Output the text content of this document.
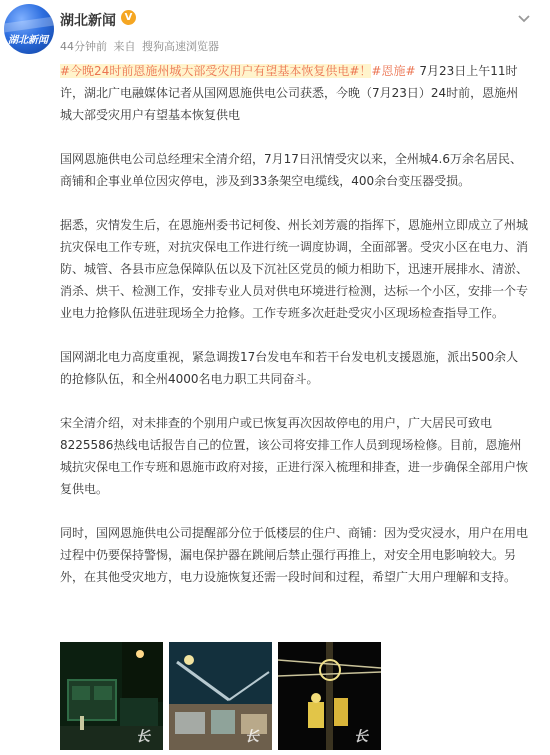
湖北新闻
湖北新闻 V
44分钟前 来自 搜狗高速浏览器
#今晚24时前恩施州城大部受灾用户有望基本恢复供电#！#恩施# 7月23日上午11时许，湖北广电融媒体记者从国网恩施供电公司获悉，今晚（7月23日）24时前，恩施州城大部受灾用户有望基本恢复供电
国网恩施供电公司总经理宋全清介绍，7月17日汛情受灾以来，全州城4.6万余名居民、商铺和企事业单位因灾停电，涉及到33条架空电缆线，400余台变压器受损。
据悉，灾情发生后，在恩施州委书记柯俊、州长刘芳震的指挥下，恩施州立即成立了州城抗灾保电工作专班，对抗灾保电工作进行统一调度协调，全面部署。受灾小区在电力、消防、城管、各县市应急保障队伍以及下沉社区党员的倾力相助下，迅速开展排水、清淤、消杀、烘干、检测工作，安排专业人员对供电环境进行检测，达标一个小区，安排一个专业电力抢修队伍进驻现场全力抢修。工作专班多次赶赴受灾小区现场检查指导工作。
国网湖北电力高度重视，紧急调拨17台发电车和若干台发电机支援恩施，派出500余人的抢修队伍，和全州4000名电力职工共同奋斗。
宋全清介绍，对未排查的个别用户或已恢复再次因故停电的用户，广大居民可致电8225586热线电话报告自己的位置，该公司将安排工作人员到现场检修。目前，恩施州城抗灾保电工作专班和恩施市政府对接，正进行深入梳理和排查，进一步确保全部用户恢复供电。
同时，国网恩施供电公司提醒部分位于低楼层的住户、商铺：因为受灾浸水，用户在用电过程中仍要保持警惕，漏电保护器在跳闸后禁止强行再推上，对安全用电影响较大。另外，在其他受灾地方，电力设施恢复还需一段时间和过程，希望广大用户理解和支持。
长	长	长
